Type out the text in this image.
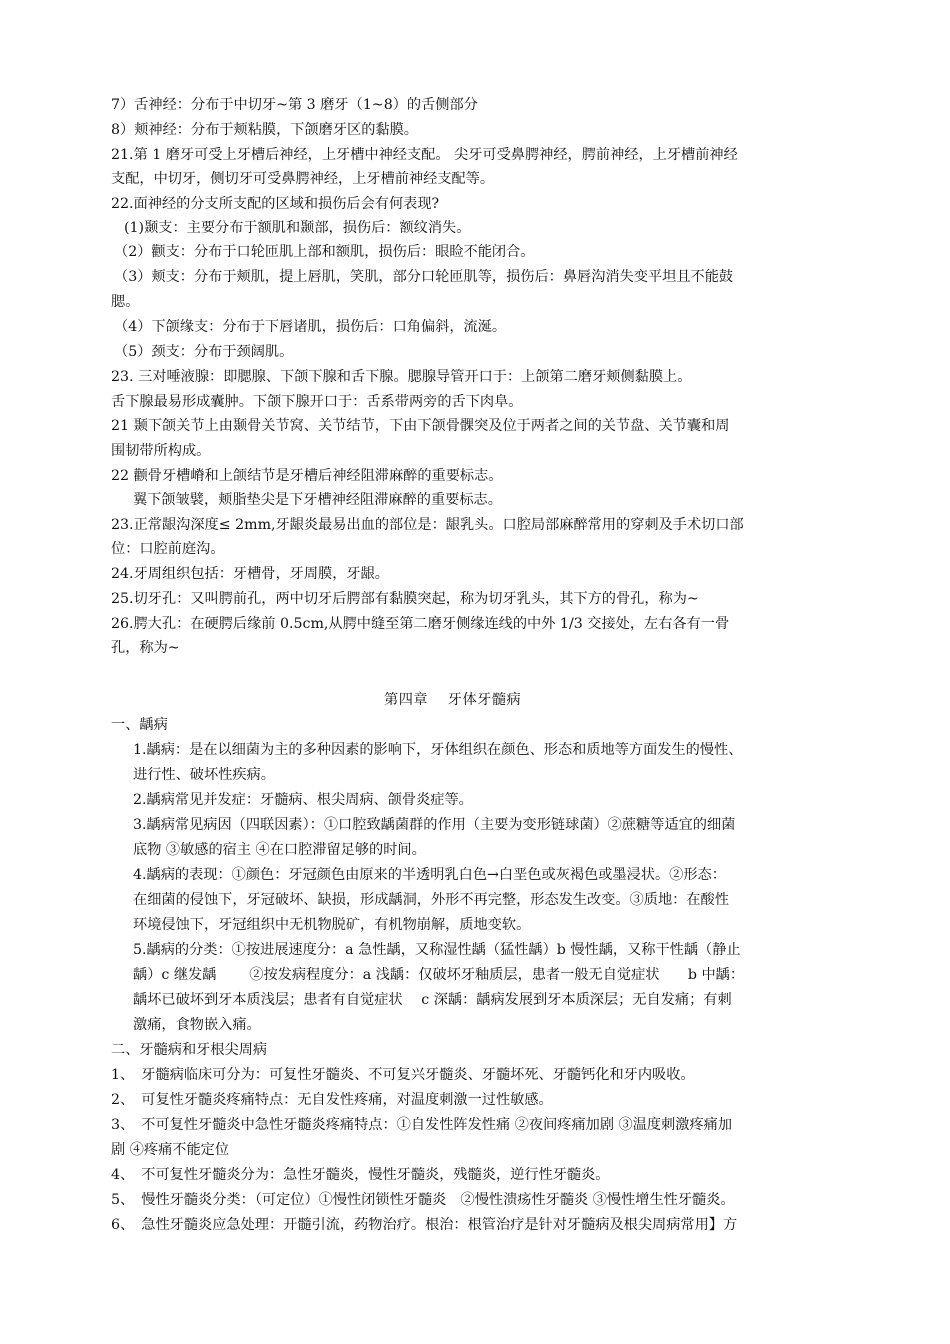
7）舌神经：分布于中切牙~第 3 磨牙（1~8）的舌侧部分
8）颊神经：分布于颊粘膜，下颌磨牙区的黏膜。
21.第 1 磨牙可受上牙槽后神经，上牙槽中神经支配。 尖牙可受鼻腭神经，腭前神经，上牙槽前神经
支配，中切牙，侧切牙可受鼻腭神经，上牙槽前神经支配等。
22.面神经的分支所支配的区域和损伤后会有何表现?
(1)颞支：主要分布于额肌和颞部，损伤后：额纹消失。
（2）颧支：分布于口轮匝肌上部和额肌，损伤后：眼睑不能闭合。
（3）颊支：分布于颊肌，提上唇肌，笑肌，部分口轮匝肌等，损伤后：鼻唇沟消失变平坦且不能鼓
腮。
（4）下颌缘支：分布于下唇诸肌，损伤后：口角偏斜，流涎。
（5）颈支：分布于颈阔肌。
23. 三对唾液腺：即腮腺、下颌下腺和舌下腺。腮腺导管开口于：上颌第二磨牙颊侧黏膜上。
舌下腺最易形成囊肿。下颌下腺开口于：舌系带两旁的舌下肉阜。
21 颞下颌关节上由颞骨关节窝、关节结节，下由下颌骨髁突及位于两者之间的关节盘、关节囊和周
围韧带所构成。
22 颧骨牙槽嵴和上颌结节是牙槽后神经阻滞麻醉的重要标志。
翼下颌皱襞，颊脂垫尖是下牙槽神经阻滞麻醉的重要标志。
23.正常龈沟深度≤ 2mm,牙龈炎最易出血的部位是：龈乳头。口腔局部麻醉常用的穿刺及手术切口部
位：口腔前庭沟。
24.牙周组织包括：牙槽骨，牙周膜，牙龈。
25.切牙孔：又叫腭前孔，两中切牙后腭部有黏膜突起，称为切牙乳头，其下方的骨孔，称为~
26.腭大孔：在硬腭后缘前 0.5cm,从腭中缝至第二磨牙侧缘连线的中外 1/3 交接处，左右各有一骨
孔，称为~
第四章　 牙体牙髓病
一、龋病
1.龋病：是在以细菌为主的多种因素的影响下，牙体组织在颜色、形态和质地等方面发生的慢性、
进行性、破坏性疾病。
2.龋病常见并发症：牙髓病、根尖周病、颌骨炎症等。
3.龋病常见病因（四联因素）：①口腔致龋菌群的作用（主要为变形链球菌）②蔗糖等适宜的细菌
底物 ③敏感的宿主 ④在口腔滞留足够的时间。
4.龋病的表现：①颜色：牙冠颜色由原来的半透明乳白色→白垩色或灰褐色或墨浸状。②形态：
在细菌的侵蚀下，牙冠破坏、缺损，形成龋洞，外形不再完整，形态发生改变。③质地：在酸性
环境侵蚀下，牙冠组织中无机物脱矿，有机物崩解，质地变软。
5.龋病的分类：①按进展速度分：a 急性龋，又称湿性龋（猛性龋）b 慢性龋，又称干性龋（静止
龋）c 继发龋　　 ②按发病程度分：a 浅龋：仅破坏牙釉质层，患者一般无自觉症状　　b 中龋：
龋坏已破坏到牙本质浅层；患者有自觉症状　 c 深龋：龋病发展到牙本质深层；无自发痛；有刺
激痛，食物嵌入痛。
二、牙髓病和牙根尖周病
1、　牙髓病临床可分为：可复性牙髓炎、不可复兴牙髓炎、牙髓坏死、牙髓钙化和牙内吸收。
2、　可复性牙髓炎疼痛特点：无自发性疼痛，对温度刺激一过性敏感。
3、　不可复性牙髓炎中急性牙髓炎疼痛特点：①自发性阵发性痛 ②夜间疼痛加剧 ③温度刺激疼痛加
剧 ④疼痛不能定位
4、　不可复性牙髓炎分为：急性牙髓炎，慢性牙髓炎，残髓炎，逆行性牙髓炎。
5、　慢性牙髓炎分类：（可定位）①慢性闭锁性牙髓炎　②慢性溃疡性牙髓炎 ③慢性增生性牙髓炎。
6、　急性牙髓炎应急处理：开髓引流，药物治疗。根治：根管治疗是针对牙髓病及根尖周病常用】方
